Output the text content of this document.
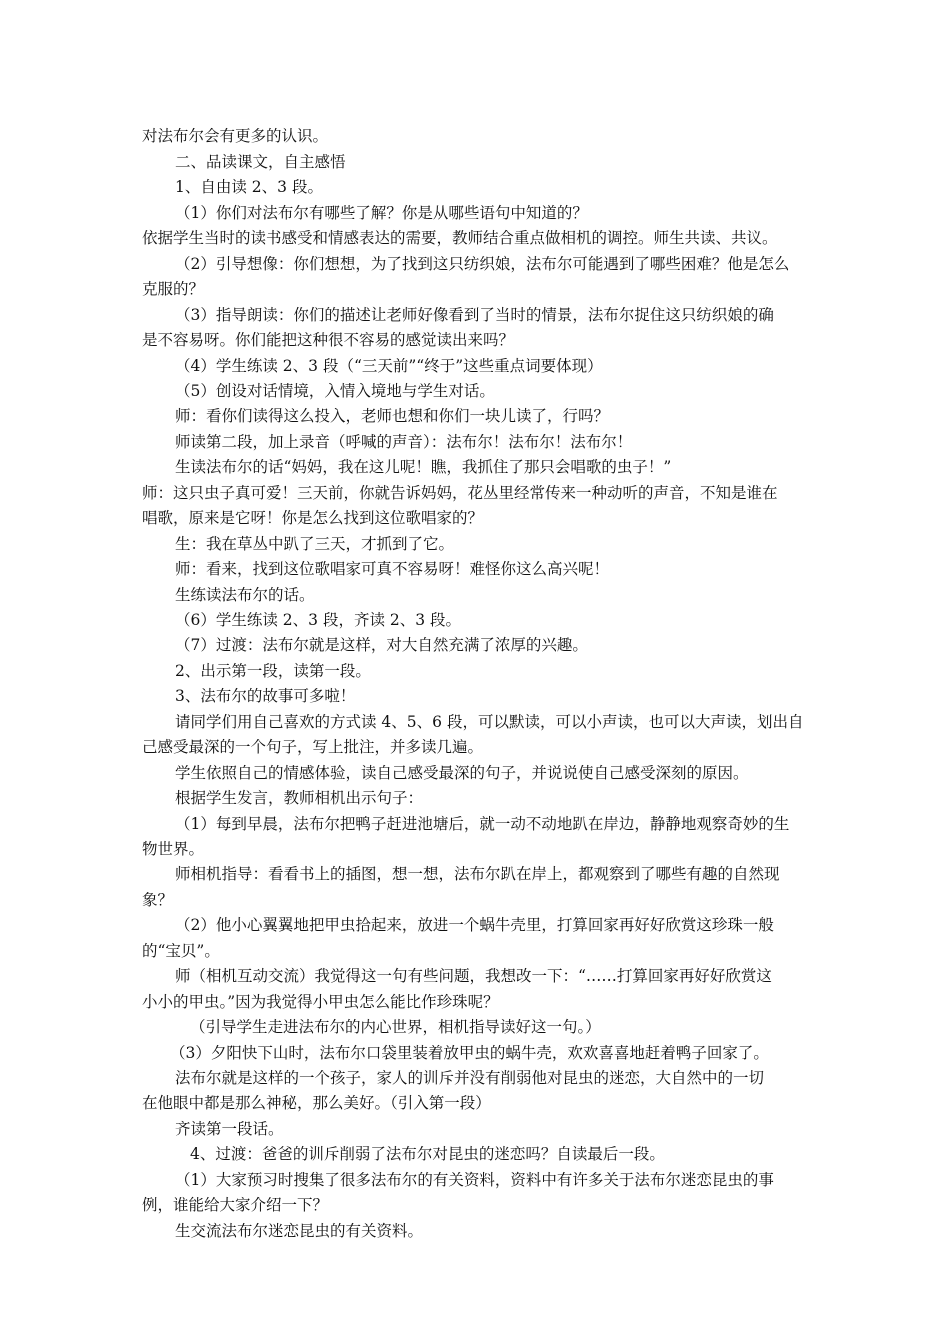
对法布尔会有更多的认识。
二、品读课文，自主感悟
1、自由读 2、3 段。
（1）你们对法布尔有哪些了解？你是从哪些语句中知道的？
依据学生当时的读书感受和情感表达的需要，教师结合重点做相机的调控。师生共读、共议。
（2）引导想像：你们想想，为了找到这只纺织娘，法布尔可能遇到了哪些困难？他是怎么
克服的？
（3）指导朗读：你们的描述让老师好像看到了当时的情景，法布尔捉住这只纺织娘的确
是不容易呀。你们能把这种很不容易的感觉读出来吗？
（4）学生练读 2、3 段（“三天前”“终于”这些重点词要体现）
（5）创设对话情境，入情入境地与学生对话。
师：看你们读得这么投入，老师也想和你们一块儿读了，行吗？
师读第二段，加上录音（呼喊的声音）：法布尔！法布尔！法布尔！
生读法布尔的话“妈妈，我在这儿呢！瞧，我抓住了那只会唱歌的虫子！”
师：这只虫子真可爱！三天前，你就告诉妈妈，花丛里经常传来一种动听的声音，不知是谁在
唱歌，原来是它呀！你是怎么找到这位歌唱家的？
生：我在草丛中趴了三天，才抓到了它。
师：看来，找到这位歌唱家可真不容易呀！难怪你这么高兴呢！
生练读法布尔的话。
（6）学生练读 2、3 段，齐读 2、3 段。
（7）过渡：法布尔就是这样，对大自然充满了浓厚的兴趣。
2、出示第一段，读第一段。
3、法布尔的故事可多啦！
请同学们用自己喜欢的方式读 4、5、6 段，可以默读，可以小声读，也可以大声读，划出自
己感受最深的一个句子，写上批注，并多读几遍。
学生依照自己的情感体验，读自己感受最深的句子，并说说使自己感受深刻的原因。
根据学生发言，教师相机出示句子：
（1）每到早晨，法布尔把鸭子赶进池塘后，就一动不动地趴在岸边，静静地观察奇妙的生
物世界。
师相机指导：看看书上的插图，想一想，法布尔趴在岸上，都观察到了哪些有趣的自然现
象？
（2）他小心翼翼地把甲虫拾起来，放进一个蜗牛壳里，打算回家再好好欣赏这珍珠一般
的“宝贝”。
师（相机互动交流）我觉得这一句有些问题，我想改一下：“……打算回家再好好欣赏这
小小的甲虫。”因为我觉得小甲虫怎么能比作珍珠呢？
（引导学生走进法布尔的内心世界，相机指导读好这一句。）
（3）夕阳快下山时，法布尔口袋里装着放甲虫的蜗牛壳，欢欢喜喜地赶着鸭子回家了。
法布尔就是这样的一个孩子，家人的训斥并没有削弱他对昆虫的迷恋，大自然中的一切
在他眼中都是那么神秘，那么美好。（引入第一段）
齐读第一段话。
4、过渡：爸爸的训斥削弱了法布尔对昆虫的迷恋吗？自读最后一段。
（1）大家预习时搜集了很多法布尔的有关资料，资料中有许多关于法布尔迷恋昆虫的事
例，谁能给大家介绍一下？
生交流法布尔迷恋昆虫的有关资料。
